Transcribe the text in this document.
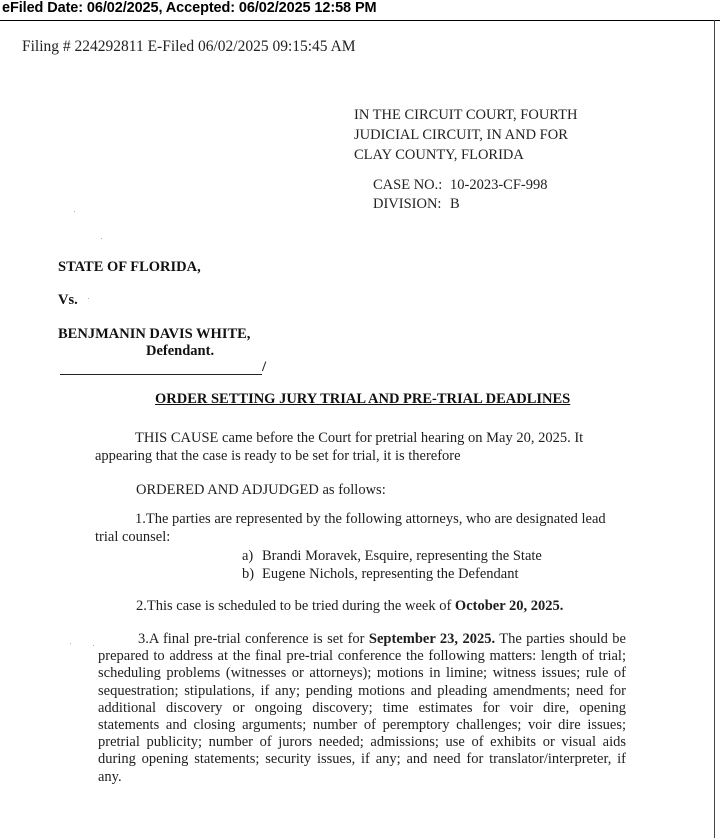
eFiled Date: 06/02/2025, Accepted: 06/02/2025 12:58 PM
Filing # 224292811 E-Filed 06/02/2025 09:15:45 AM
IN THE CIRCUIT COURT, FOURTH
JUDICIAL CIRCUIT, IN AND FOR
CLAY COUNTY, FLORIDA
CASE NO.: 10-2023-CF-998
DIVISION: B
STATE OF FLORIDA,
Vs.
BENJMANIN DAVIS WHITE,
Defendant.
/
ORDER SETTING JURY TRIAL AND PRE-TRIAL DEADLINES

THIS CAUSE came before the Court for pretrial hearing on May 20, 2025. It appearing that the case is ready to be set for trial, it is therefore

ORDERED AND ADJUDGED as follows:

1.The parties are represented by the following attorneys, who are designated lead trial counsel:

a) Brandi Moravek, Esquire, representing the State
b) Eugene Nichols, representing the Defendant
2.This case is scheduled to be tried during the week of October 20, 2025.

3.A final pre-trial conference is set for September 23, 2025. The parties should be prepared to address at the final pre-trial conference the following matters: length of trial; scheduling problems (witnesses or attorneys); motions in limine; witness issues; rule of sequestration; stipulations, if any; pending motions and pleading amendments; need for additional discovery or ongoing discovery; time estimates for voir dire, opening statements and closing arguments; number of peremptory challenges; voir dire issues; pretrial publicity; number of jurors needed; admissions; use of exhibits or visual aids during opening statements; security issues, if any; and need for translator/interpreter, if any.
